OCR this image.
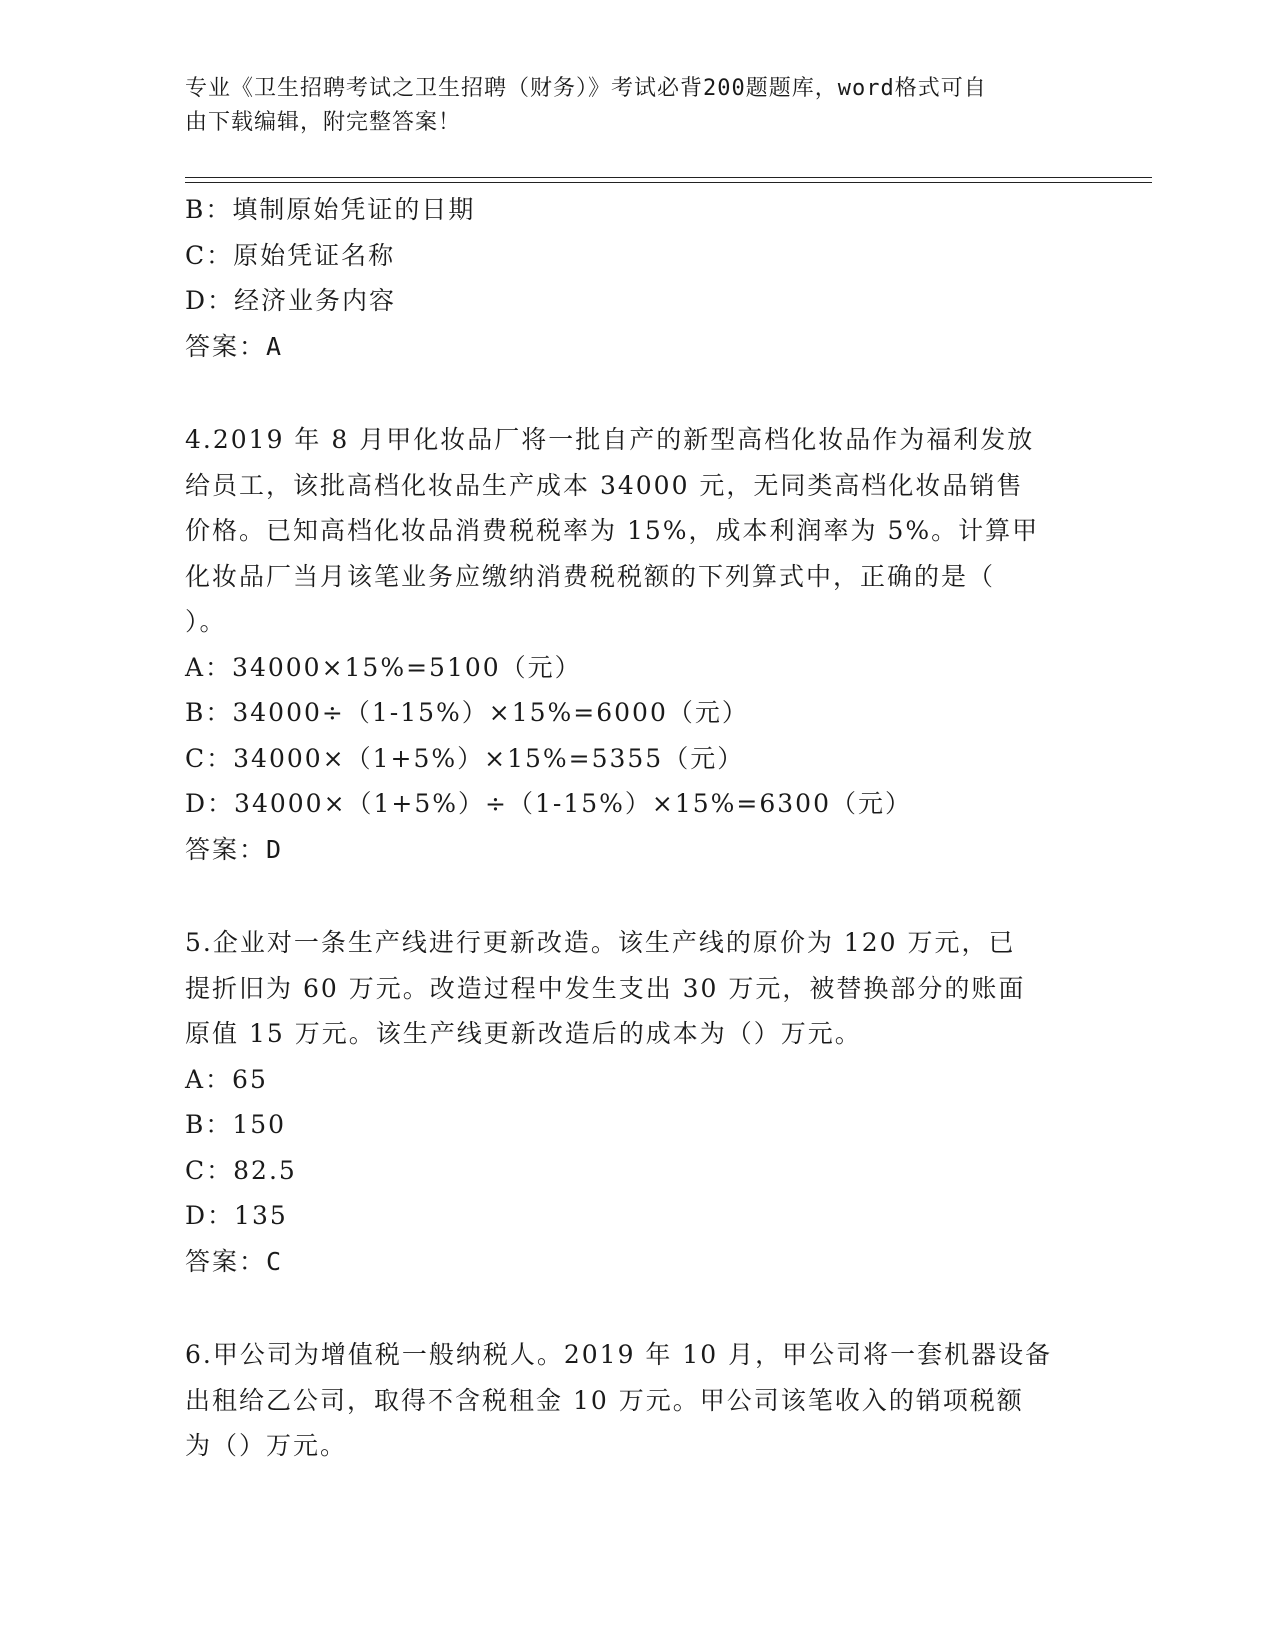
专业《卫生招聘考试之卫生招聘（财务）》考试必背200题题库，word格式可自
由下载编辑，附完整答案！
B：填制原始凭证的日期
C：原始凭证名称
D：经济业务内容
答案：A
4.2019 年 8 月甲化妆品厂将一批自产的新型高档化妆品作为福利发放
给员工，该批高档化妆品生产成本 34000 元，无同类高档化妆品销售
价格。已知高档化妆品消费税税率为 15%，成本利润率为 5%。计算甲
化妆品厂当月该笔业务应缴纳消费税税额的下列算式中，正确的是（
）。
A：34000×15%=5100（元）
B：34000÷（1-15%）×15%=6000（元）
C：34000×（1+5%）×15%=5355（元）
D：34000×（1+5%）÷（1-15%）×15%=6300（元）
答案：D
5.企业对一条生产线进行更新改造。该生产线的原价为 120 万元，已
提折旧为 60 万元。改造过程中发生支出 30 万元，被替换部分的账面
原值 15 万元。该生产线更新改造后的成本为（）万元。
A：65
B：150
C：82.5
D：135
答案：C
6.甲公司为增值税一般纳税人。2019 年 10 月，甲公司将一套机器设备
出租给乙公司，取得不含税租金 10 万元。甲公司该笔收入的销项税额
为（）万元。
